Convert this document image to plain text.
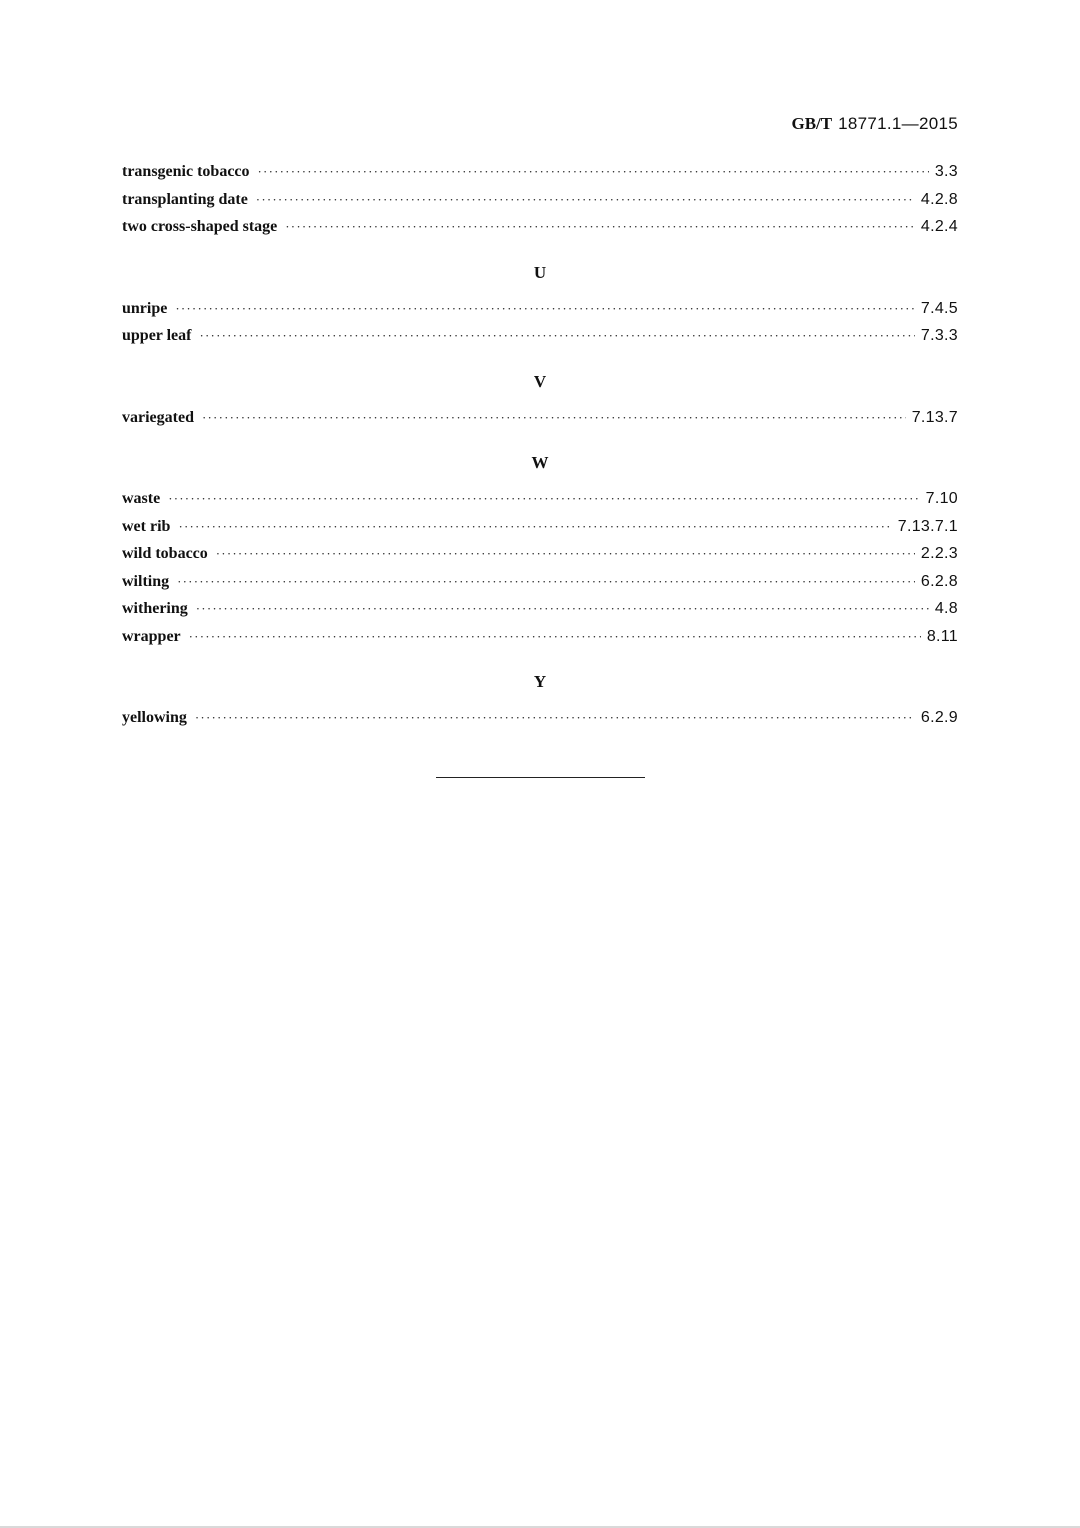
GB/T 18771.1—2015
transgenic tobacco ·····	3.3
transplanting date ·····	4.2.8
two cross-shaped stage ·····	4.2.4
U
unripe ·····	7.4.5
upper leaf ·····	7.3.3
V
variegated ·····	7.13.7
W
waste ·····	7.10
wet rib ·····	7.13.7.1
wild tobacco ·····	2.2.3
wilting ·····	6.2.8
withering ·····	4.8
wrapper ·····	8.11
Y
yellowing ·····	6.2.9
